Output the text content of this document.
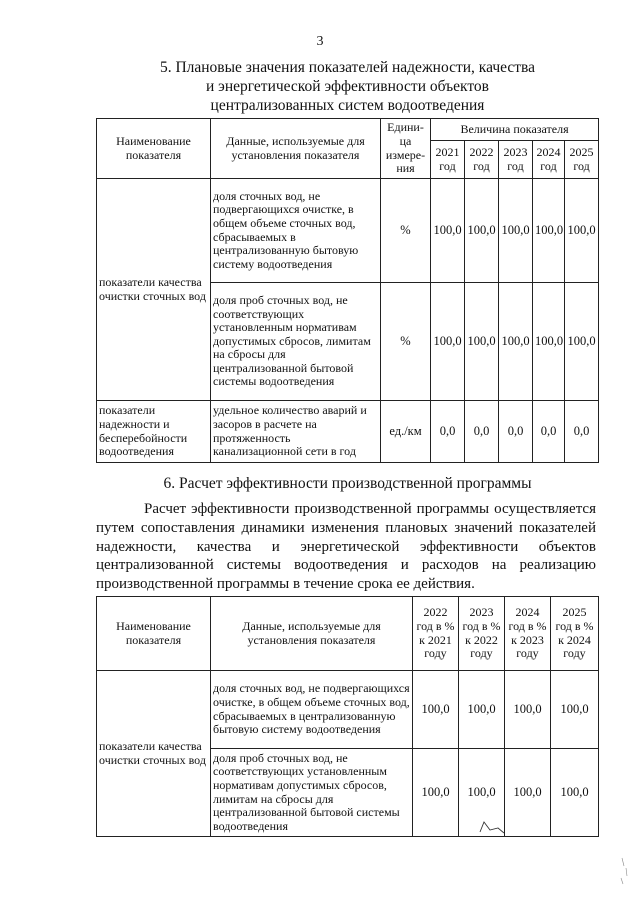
3
5. Плановые значения показателей надежности, качества
и энергетической эффективности объектов
централизованных систем водоотведения
Наименование показателя	Данные, используемые для установления показателя	Едини-ца измере-ния	Величина показателя				
			2021 год	2022 год	2023 год	2024 год	2025 год
показатели качества очистки сточных вод	доля сточных вод, не подвергающихся очистке, в общем объеме сточных вод, сбрасываемых в централизованную бытовую систему водоотведения	%	100,0	100,0	100,0	100,0	100,0
	доля проб сточных вод, не соответствующих установленным нормативам допустимых сбросов, лимитам на сбросы для централизованной бытовой системы водоотведения	%	100,0	100,0	100,0	100,0	100,0
показатели надежности и бесперебойности водоотведения	удельное количество аварий и засоров в расчете на протяженность канализационной сети в год	ед./км	0,0	0,0	0,0	0,0	0,0
6. Расчет эффективности производственной программы

Расчет эффективности производственной программы осуществляется путем сопоставления динамики изменения плановых значений показателей надежности, качества и энергетической эффективности объектов централизованной системы водоотведения и расходов на реализацию производственной программы в течение срока ее действия.

Наименование показателя	Данные, используемые для установления показателя	2022 год в % к 2021 году	2023 год в % к 2022 году	2024 год в % к 2023 году	2025 год в % к 2024 году
показатели качества очистки сточных вод	доля сточных вод, не подвергающихся очистке, в общем объеме сточных вод, сбрасываемых в централизованную бытовую систему водоотведения	100,0	100,0	100,0	100,0
	доля проб сточных вод, не соответствующих установленным нормативам допустимых сбросов, лимитам на сбросы для централизованной бытовой системы водоотведения	100,0	100,0	100,0	100,0
